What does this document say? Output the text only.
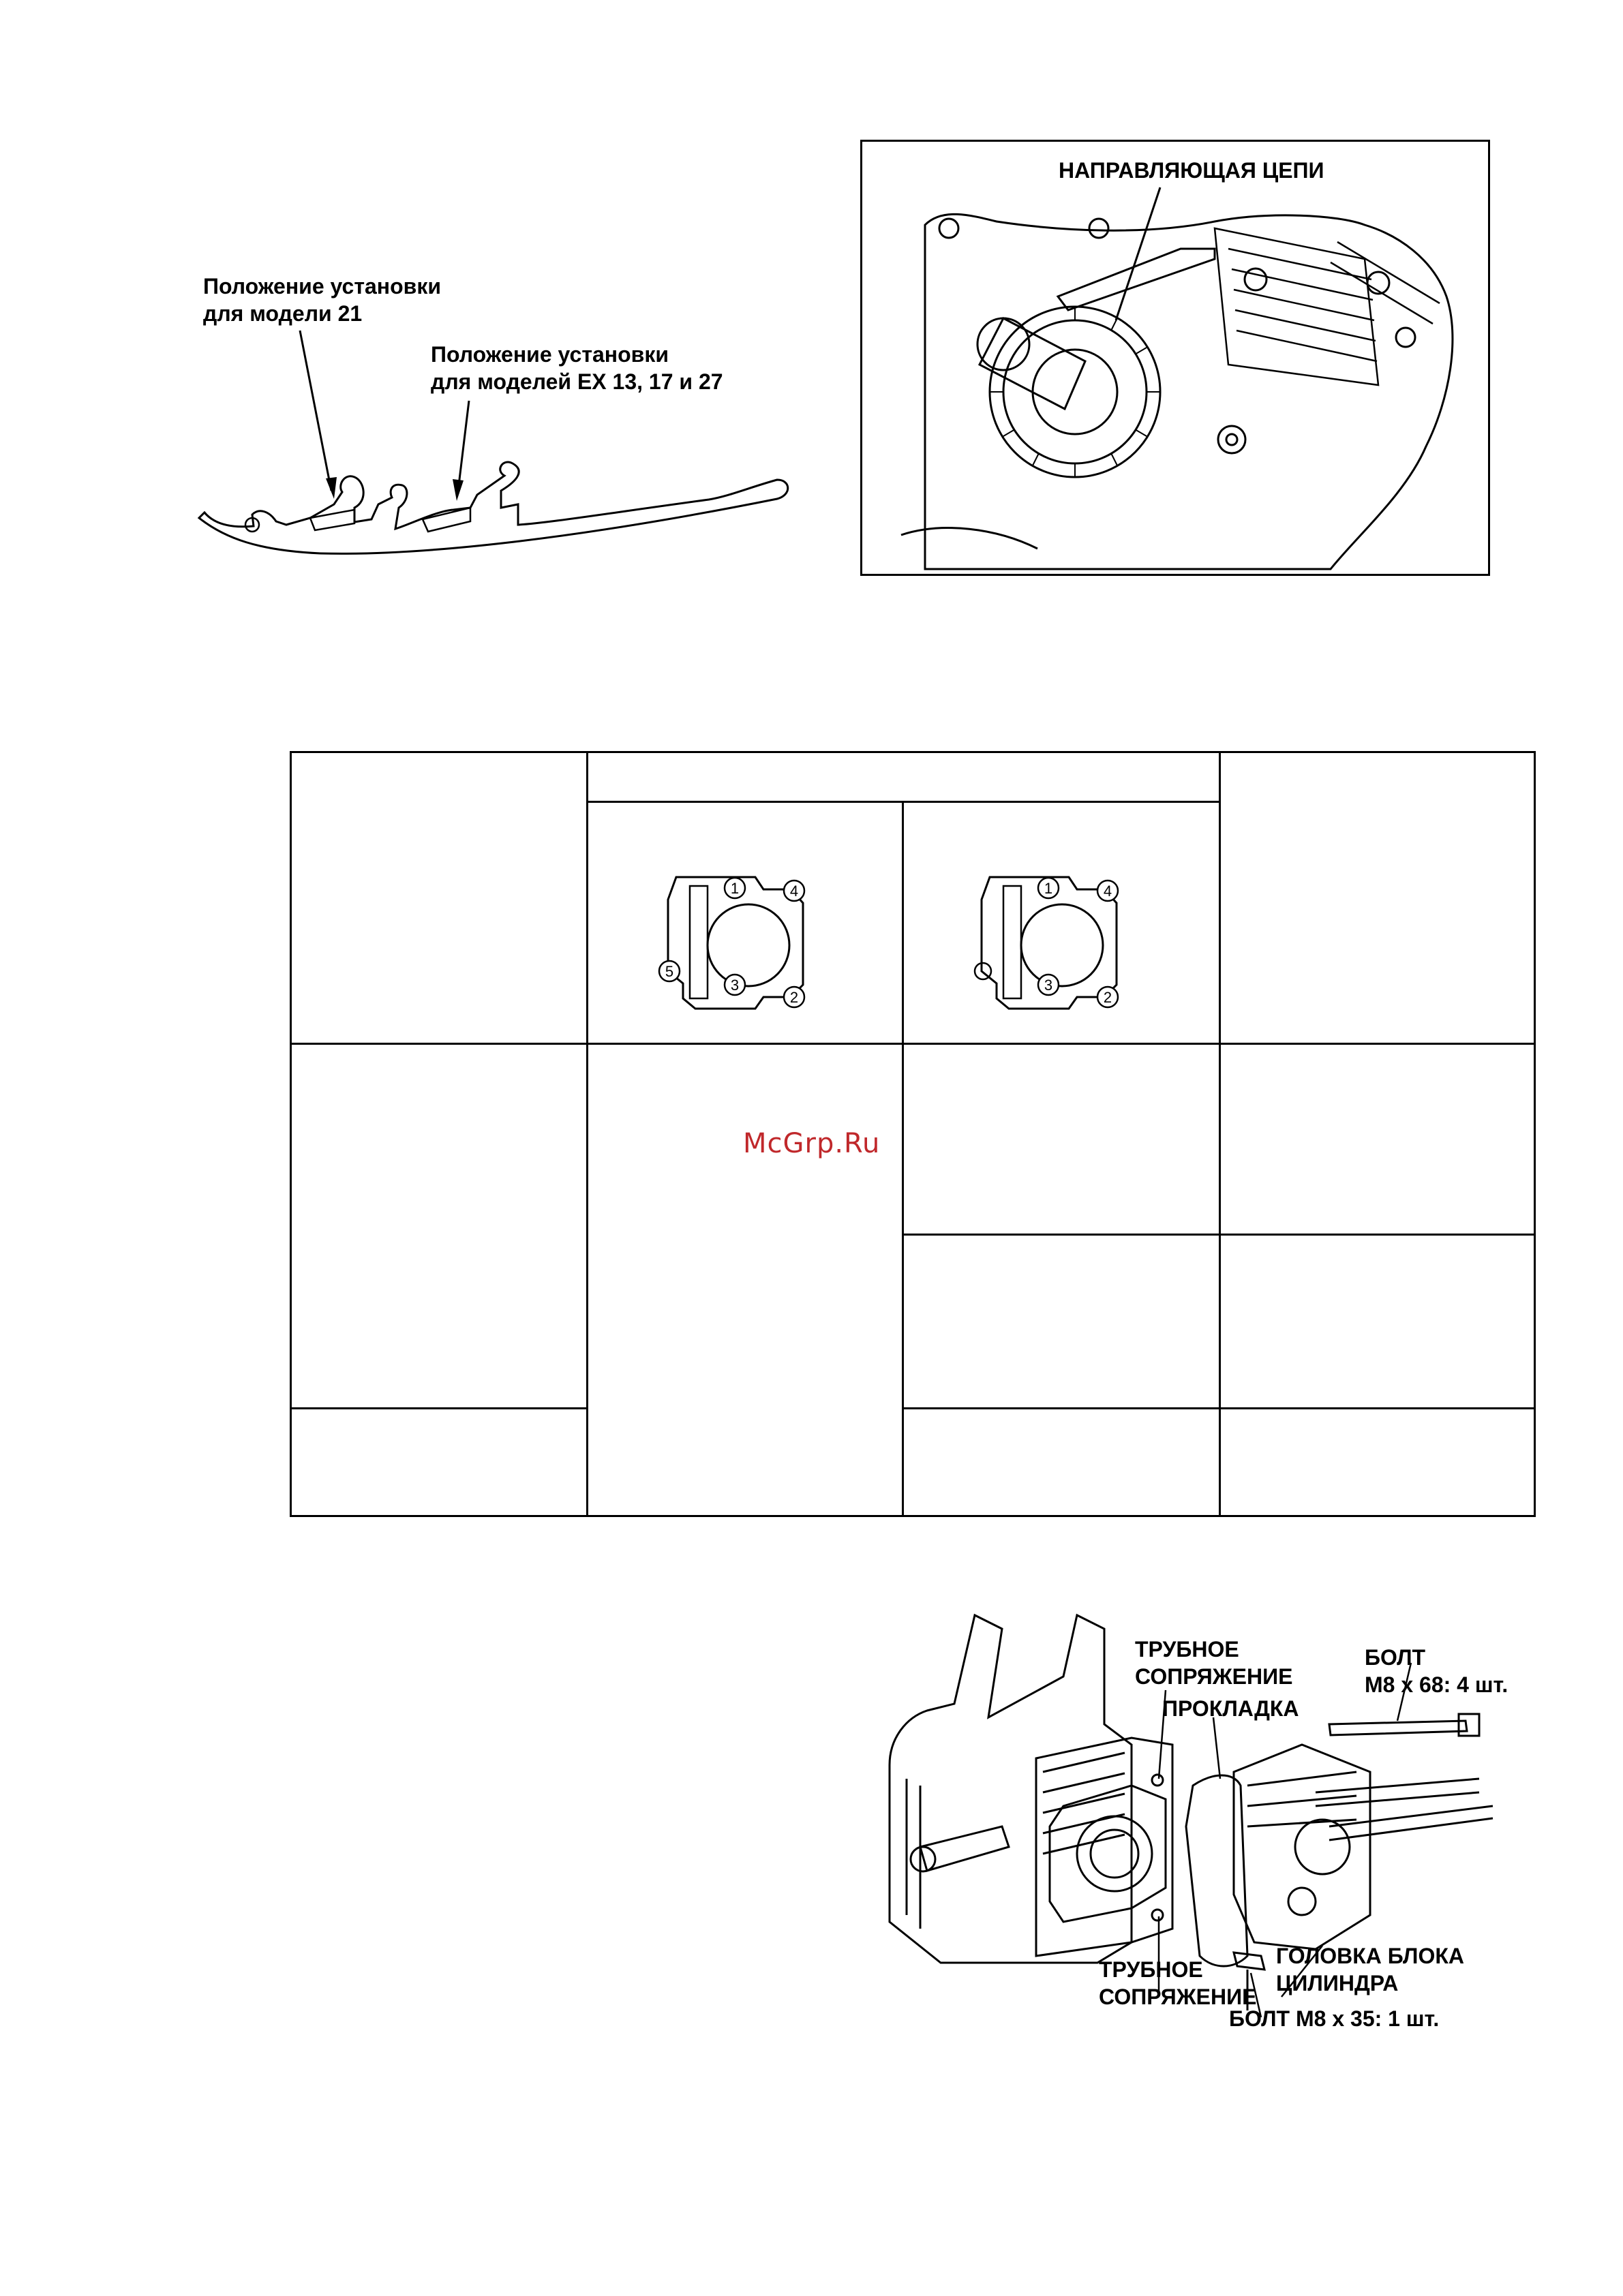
Положение установки
для модели 21
Положение установки
для моделей EX 13, 17 и 27
НАПРАВЛЯЮЩАЯ ЦЕПИ
1	4
5
3
2
1	4
3
2
McGrp.Ru
ТРУБНОЕ
СОПРЯЖЕНИЕ
ПРОКЛАДКА
БОЛТ
M8 x 68: 4 шт.
ТРУБНОЕ
СОПРЯЖЕНИЕ
ГОЛОВКА БЛОКА
ЦИЛИНДРА
БОЛТ M8 x 35: 1 шт.
